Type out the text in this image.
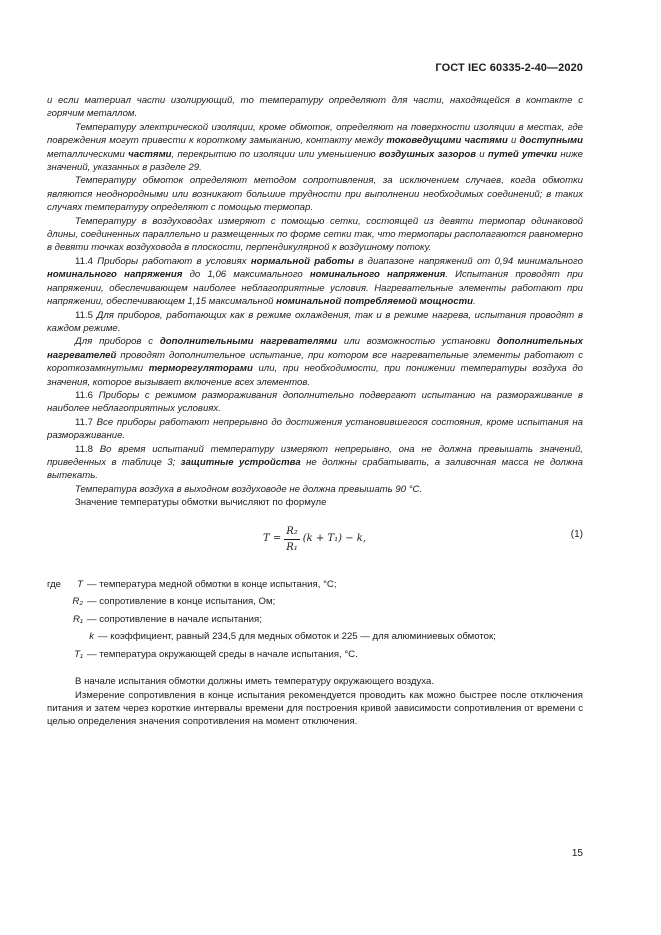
ГОСТ IEC 60335-2-40—2020

и если материал части изолирующий, то температуру определяют для части, находящейся в контакте с горячим металлом.

Температуру электрической изоляции, кроме обмоток, определяют на поверхности изоляции в местах, где повреждения могут привести к короткому замыканию, контакту между токоведущими частями и доступными металлическими частями, перекрытию по изоляции или уменьшению воздушных зазоров и путей утечки ниже значений, указанных в разделе 29.

Температуру обмоток определяют методом сопротивления, за исключением случаев, когда обмотки являются неоднородными или возникают большие трудности при выполнении необходимых соединений; в таких случаях температуру определяют с помощью термопар.

Температуру в воздуховодах измеряют с помощью сетки, состоящей из девяти термопар одинаковой длины, соединенных параллельно и размещенных по форме сетки так, что термопары располагаются равномерно в девяти точках воздуховода в плоскости, перпендикулярной к воздушному потоку.

11.4 Приборы работают в условиях нормальной работы в диапазоне напряжений от 0,94 минимального номинального напряжения до 1,06 максимального номинального напряжения. Испытания проводят при напряжении, обеспечивающем наиболее неблагоприятные условия. Нагревательные элементы работают при напряжении, обеспечивающем 1,15 максимальной номинальной потребляемой мощности.

11.5 Для приборов, работающих как в режиме охлаждения, так и в режиме нагрева, испытания проводят в каждом режиме.

Для приборов с дополнительными нагревателями или возможностью установки дополнительных нагревателей проводят дополнительное испытание, при котором все нагревательные элементы работают с короткозамкнутыми терморегуляторами или, при необходимости, при понижении температуры воздуха до значения, которое вызывает включение всех элементов.

11.6 Приборы с режимом размораживания дополнительно подвергают испытанию на размораживание в наиболее неблагоприятных условиях.

11.7 Все приборы работают непрерывно до достижения установившегося состояния, кроме испытания на размораживание.

11.8 Во время испытаний температуру измеряют непрерывно, она не должна превышать значений, приведенных в таблице 3; защитные устройства не должны срабатывать, а заливочная масса не должна вытекать.

Температура воздуха в выходном воздуховоде не должна превышать 90 °С.

Значение температуры обмотки вычисляют по формуле

$T = \frac{\text{R₂}}{\text{R₁}} (k + T_1) - k$,	(1)
где	T — температура медной обмотки в конце испытания, °С;
R₂ — сопротивление в конце испытания, Ом;
R₁ — сопротивление в начале испытания;
k — коэффициент, равный 234,5 для медных обмоток и 225 — для алюминиевых обмоток;
T₁ — температура окружающей среды в начале испытания, °С.

В начале испытания обмотки должны иметь температуру окружающего воздуха.

Измерение сопротивления в конце испытания рекомендуется проводить как можно быстрее после отключения питания и затем через короткие интервалы времени для построения кривой зависимости сопротивления от времени с целью определения значения сопротивления на момент отключения.

15
